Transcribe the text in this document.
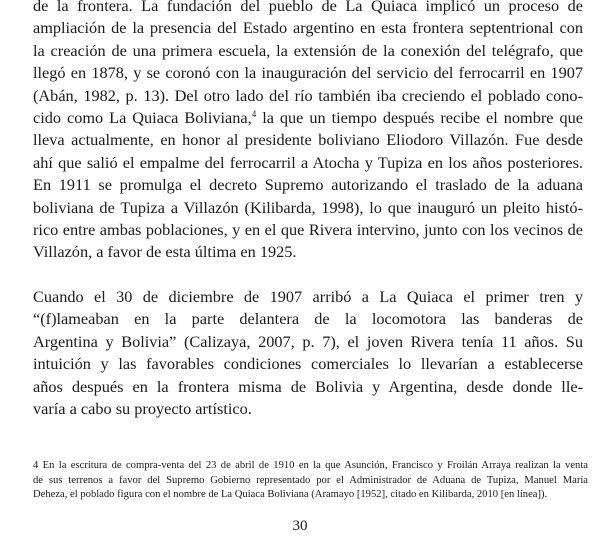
de la frontera. La fundación del pueblo de La Quiaca implicó un proceso de
ampliación de la presencia del Estado argentino en esta frontera septentrional con
la creación de una primera escuela, la extensión de la conexión del telégrafo, que
llegó en 1878, y se coronó con la inauguración del servicio del ferrocarril en 1907
(Abán, 1982, p. 13). Del otro lado del río también iba creciendo el poblado cono-
cido como La Quiaca Boliviana,$^4$ la que un tiempo después recibe el nombre que
lleva actualmente, en honor al presidente boliviano Eliodoro Villazón. Fue desde
ahí que salió el empalme del ferrocarril a Atocha y Tupiza en los años posteriores.
En 1911 se promulga el decreto Supremo autorizando el traslado de la aduana
boliviana de Tupiza a Villazón (Kilibarda, 1998), lo que inauguró un pleito histó-
rico entre ambas poblaciones, y en el que Rivera intervino, junto con los vecinos de
Villazón, a favor de esta última en 1925.
Cuando el 30 de diciembre de 1907 arribó a La Quiaca el primer tren y
“(f)lameaban en la parte delantera de la locomotora las banderas de
Argentina y Bolivia” (Calizaya, 2007, p. 7), el joven Rivera tenía 11 años. Su
intuición y las favorables condiciones comerciales lo llevarían a establecerse
años después en la frontera misma de Bolivia y Argentina, desde donde lle-
varía a cabo su proyecto artístico.
4 En la escritura de compra-venta del 23 de abril de 1910 en la que Asunción, Francisco y Froilán Arraya realizan la venta
de sus terrenos a favor del Supremo Gobierno representado por el Administrador de Aduana de Tupiza, Manuel María
Deheza, el poblado figura con el nombre de La Quiaca Boliviana (Aramayo [1952], citado en Kilibarda, 2010 [en línea]).
30
